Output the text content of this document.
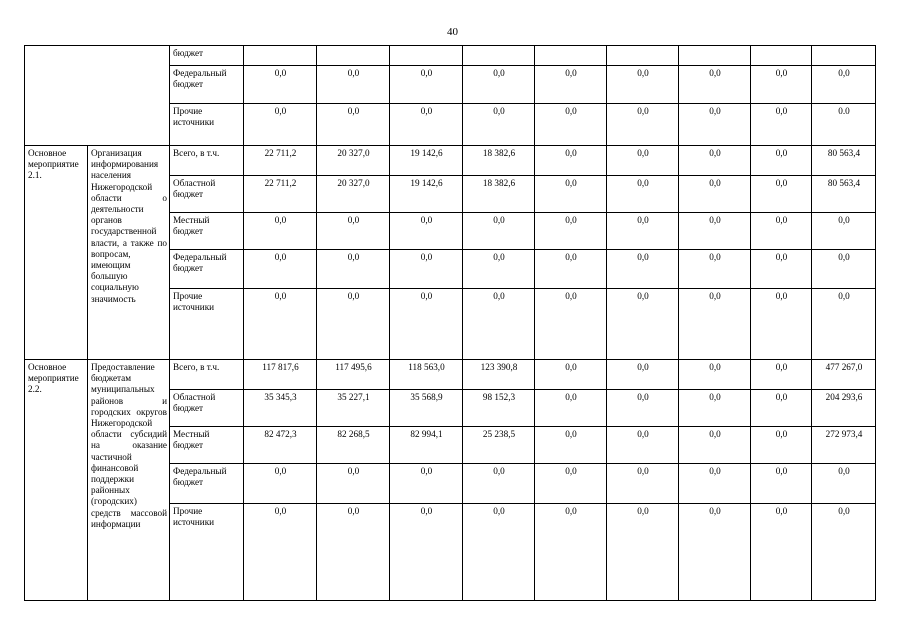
40
		бюджет									
		Федеральный бюджет	0,0	0,0	0,0	0,0	0,0	0,0	0,0	0,0	0,0
		Прочие источники	0,0	0,0	0,0	0,0	0,0	0,0	0,0	0,0	0.0
Основное мероприятие 2.1.	Организация информирования населения Нижегородской области о деятельности органов государственной власти, а также по вопросам, имеющим большую социальную значимость	Всего, в т.ч.	22 711,2	20 327,0	19 142,6	18 382,6	0,0	0,0	0,0	0,0	80 563,4
		Областной бюджет	22 711,2	20 327,0	19 142,6	18 382,6	0,0	0,0	0,0	0,0	80 563,4
		Местный бюджет	0,0	0,0	0,0	0,0	0,0	0,0	0,0	0,0	0,0
		Федеральный бюджет	0,0	0,0	0,0	0,0	0,0	0,0	0,0	0,0	0,0
		Прочие источники	0,0	0,0	0,0	0,0	0,0	0,0	0,0	0,0	0,0
Основное мероприятие 2.2.	Предоставление бюджетам муниципальных районов и городских округов Нижегородской области субсидий на оказание частичной финансовой поддержки районных (городских) средств массовой информации	Всего, в т.ч.	117 817,6	117 495,6	118 563,0	123 390,8	0,0	0,0	0,0	0,0	477 267,0
		Областной бюджет	35 345,3	35 227,1	35 568,9	98 152,3	0,0	0,0	0,0	0,0	204 293,6
		Местный бюджет	82 472,3	82 268,5	82 994,1	25 238,5	0,0	0,0	0,0	0,0	272 973,4
		Федеральный бюджет	0,0	0,0	0,0	0,0	0,0	0,0	0,0	0,0	0,0
		Прочие источники	0,0	0,0	0,0	0,0	0,0	0,0	0,0	0,0	0,0
